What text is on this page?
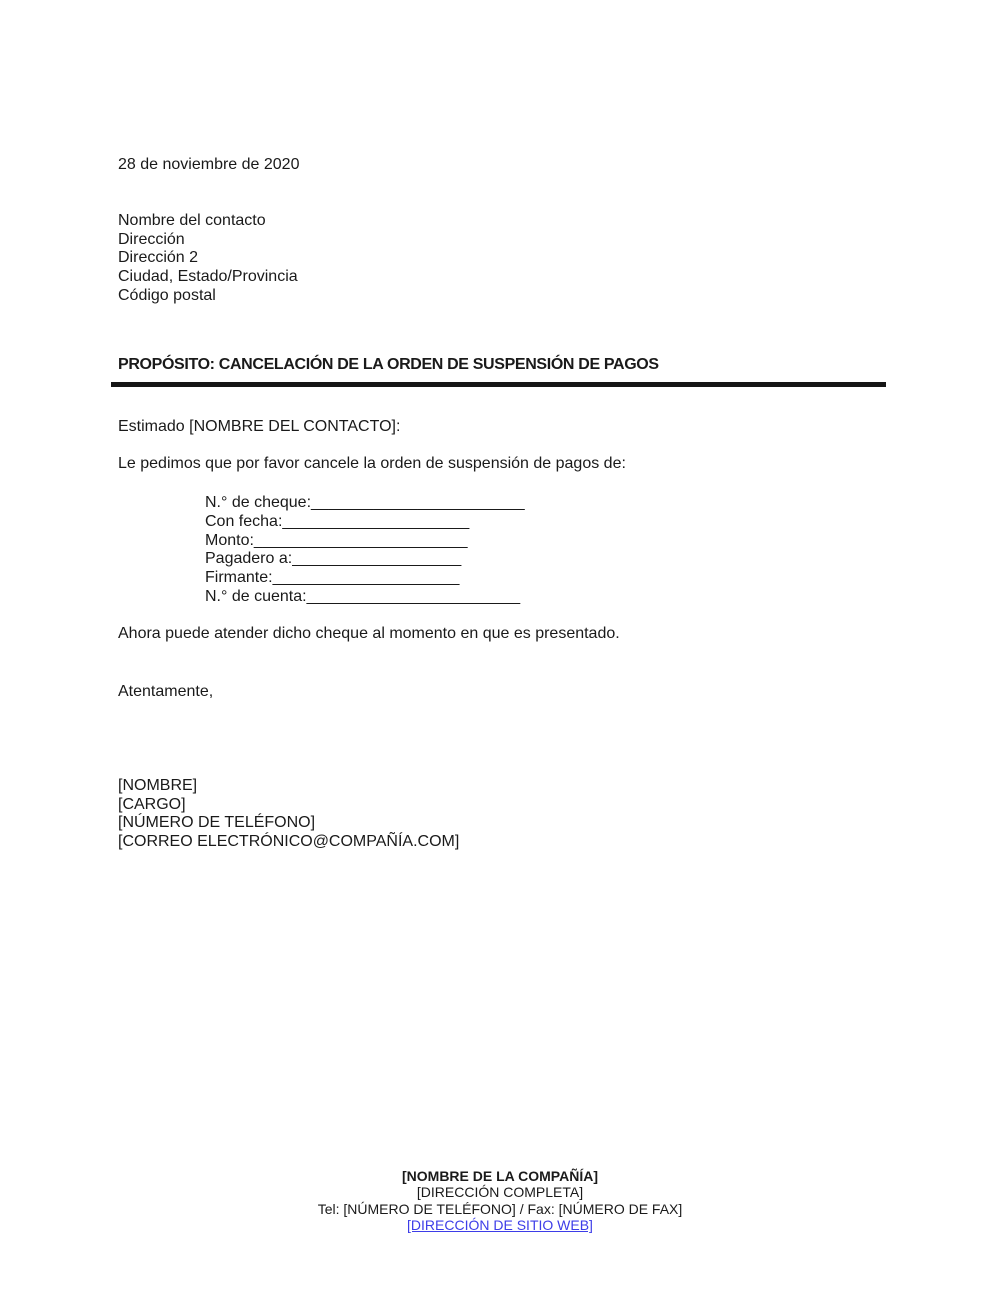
28 de noviembre de 2020
Nombre del contacto
Dirección
Dirección 2
Ciudad, Estado/Provincia
Código postal
PROPÓSITO: CANCELACIÓN DE LA ORDEN DE SUSPENSIÓN DE PAGOS
Estimado [NOMBRE DEL CONTACTO]:
Le pedimos que por favor cancele la orden de suspensión de pagos de:
N.° de cheque:________________________
Con fecha:_____________________
Monto:________________________
Pagadero a:___________________
Firmante:_____________________
N.° de cuenta:________________________
Ahora puede atender dicho cheque al momento en que es presentado.
Atentamente,
[NOMBRE]
[CARGO]
[NÚMERO DE TELÉFONO]
[CORREO ELECTRÓNICO@COMPAÑÍA.COM]
[NOMBRE DE LA COMPAÑÍA]
[DIRECCIÓN COMPLETA]
Tel: [NÚMERO DE TELÉFONO] / Fax: [NÚMERO DE FAX]
[DIRECCIÓN DE SITIO WEB]
